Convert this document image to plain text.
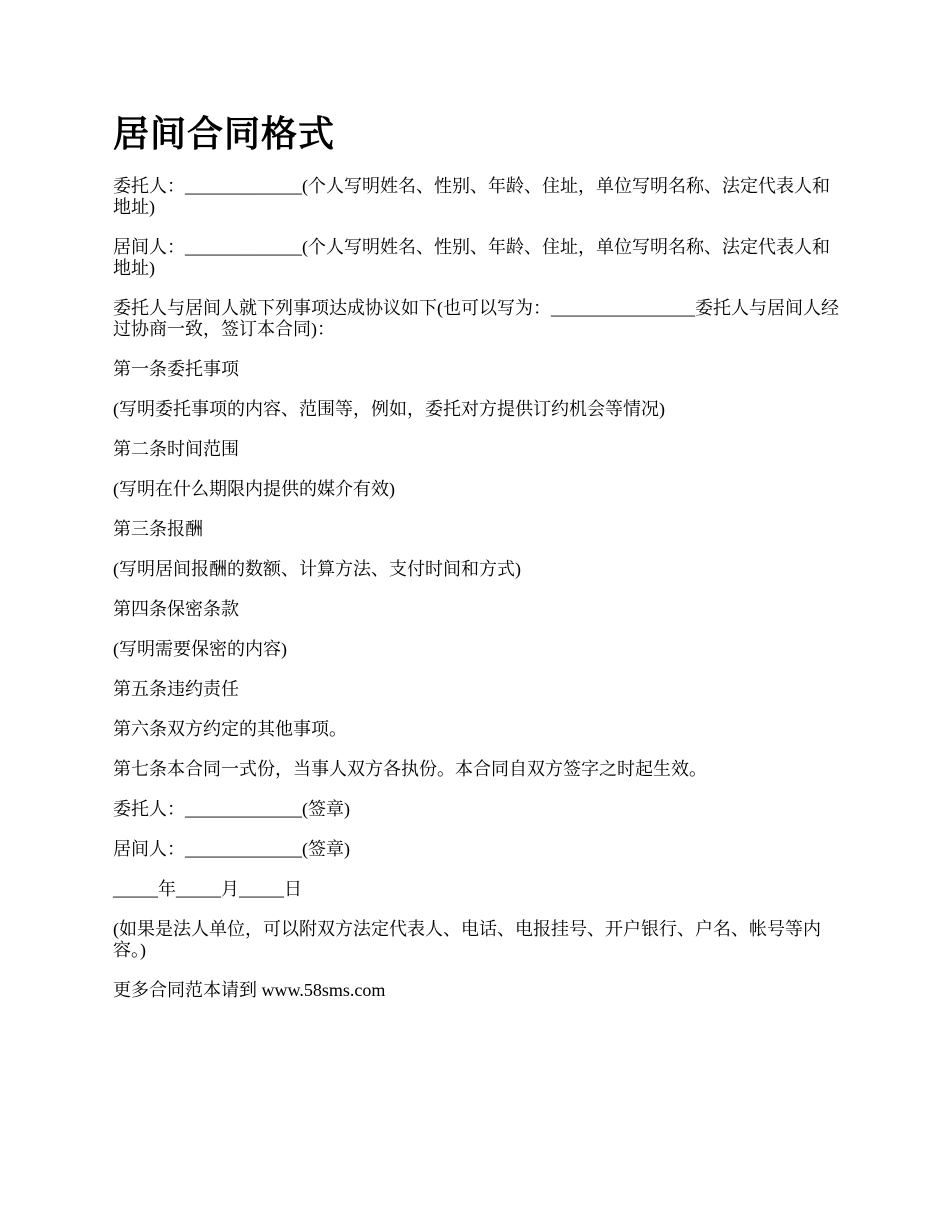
居间合同格式

委托人：_____________(个人写明姓名、性别、年龄、住址，单位写明名称、法定代表人和地址)

居间人：_____________(个人写明姓名、性别、年龄、住址，单位写明名称、法定代表人和地址)

委托人与居间人就下列事项达成协议如下(也可以写为：________________委托人与居间人经过协商一致，签订本合同)：

第一条委托事项

(写明委托事项的内容、范围等，例如，委托对方提供订约机会等情况)

第二条时间范围

(写明在什么期限内提供的媒介有效)

第三条报酬

(写明居间报酬的数额、计算方法、支付时间和方式)

第四条保密条款

(写明需要保密的内容)

第五条违约责任

第六条双方约定的其他事项。

第七条本合同一式份，当事人双方各执份。本合同自双方签字之时起生效。

委托人：_____________(签章)

居间人：_____________(签章)

_____年_____月_____日

(如果是法人单位，可以附双方法定代表人、电话、电报挂号、开户银行、户名、帐号等内容。)

更多合同范本请到 www.58sms.com
